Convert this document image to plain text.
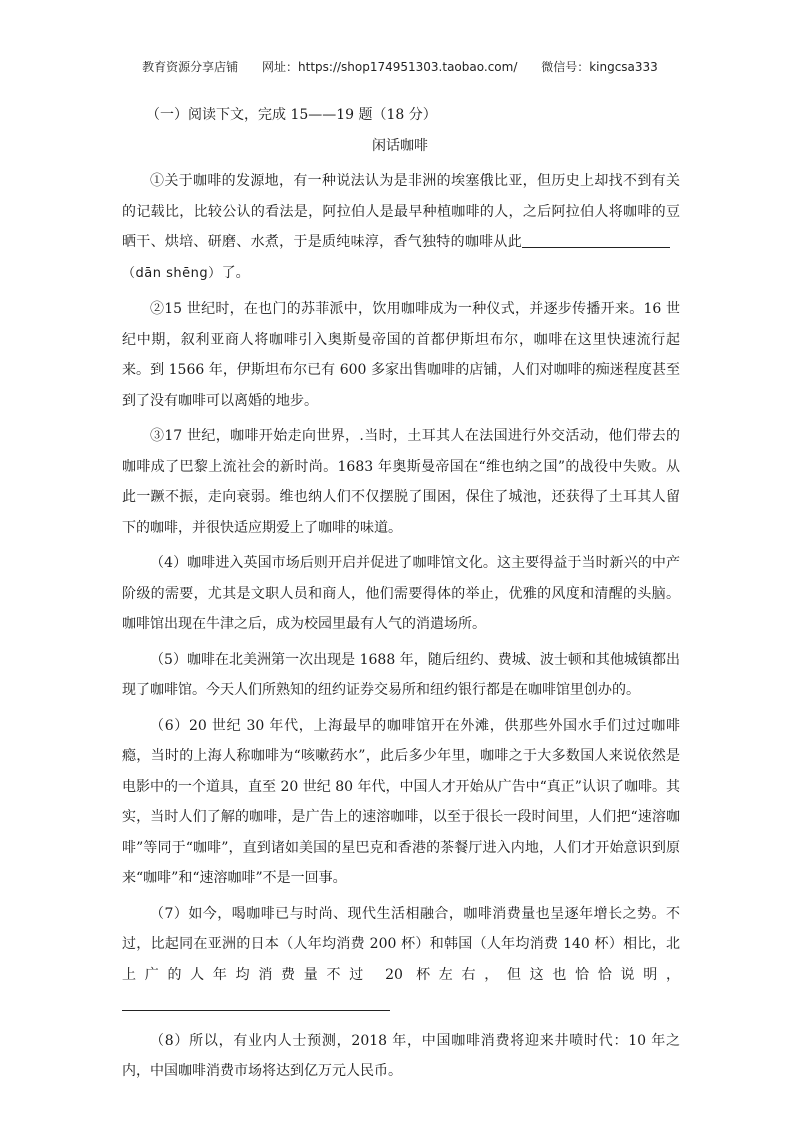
教育资源分享店铺 网址：https://shop174951303.taobao.com/ 微信号：kingcsa333
（一）阅读下文，完成 15——19 题（18 分）
闲话咖啡

①关于咖啡的发源地，有一种说法认为是非洲的埃塞俄比亚，但历史上却找不到有关的记载比，比较公认的看法是，阿拉伯人是最早种植咖啡的人，之后阿拉伯人将咖啡的豆晒干、烘培、研磨、水煮，于是质纯味淳，香气独特的咖啡从此（dān shēng）了。

②15 世纪时，在也门的苏菲派中，饮用咖啡成为一种仪式，并逐步传播开来。16 世纪中期，叙利亚商人将咖啡引入奥斯曼帝国的首都伊斯坦布尔，咖啡在这里快速流行起来。到 1566 年，伊斯坦布尔已有 600 多家出售咖啡的店铺，人们对咖啡的痴迷程度甚至到了没有咖啡可以离婚的地步。

③17 世纪，咖啡开始走向世界，.当时，土耳其人在法国进行外交活动，他们带去的咖啡成了巴黎上流社会的新时尚。1683 年奥斯曼帝国在“维也纳之国”的战役中失败。从此一蹶不振，走向衰弱。维也纳人们不仅摆脱了围困，保住了城池，还获得了土耳其人留下的咖啡，并很快适应期爱上了咖啡的味道。

（4）咖啡进入英国市场后则开启并促进了咖啡馆文化。这主要得益于当时新兴的中产阶级的需要，尤其是文职人员和商人，他们需要得体的举止，优雅的风度和清醒的头脑。咖啡馆出现在牛津之后，成为校园里最有人气的消遣场所。

（5）咖啡在北美洲第一次出现是 1688 年，随后纽约、费城、波士顿和其他城镇都出现了咖啡馆。今天人们所熟知的纽约证券交易所和纽约银行都是在咖啡馆里创办的。

（6）20 世纪 30 年代，上海最早的咖啡馆开在外滩，供那些外国水手们过过咖啡瘾，当时的上海人称咖啡为“咳嗽药水”，此后多少年里，咖啡之于大多数国人来说依然是电影中的一个道具，直至 20 世纪 80 年代，中国人才开始从广告中“真正”认识了咖啡。其实，当时人们了解的咖啡，是广告上的速溶咖啡，以至于很长一段时间里，人们把“速溶咖啡”等同于“咖啡”，直到诸如美国的星巴克和香港的茶餐厅进入内地，人们才开始意识到原来“咖啡”和“速溶咖啡”不是一回事。

（7）如今，喝咖啡已与时尚、现代生活相融合，咖啡消费量也呈逐年增长之势。不过，比起同在亚洲的日本（人年均消费 200 杯）和韩国（人年均消费 140 杯）相比，北上广的人年均消费量不过 20 杯左右，但这也恰恰说明，

（8）所以，有业内人士预测，2018 年，中国咖啡消费将迎来井喷时代：10 年之内，中国咖啡消费市场将达到亿万元人民币。
